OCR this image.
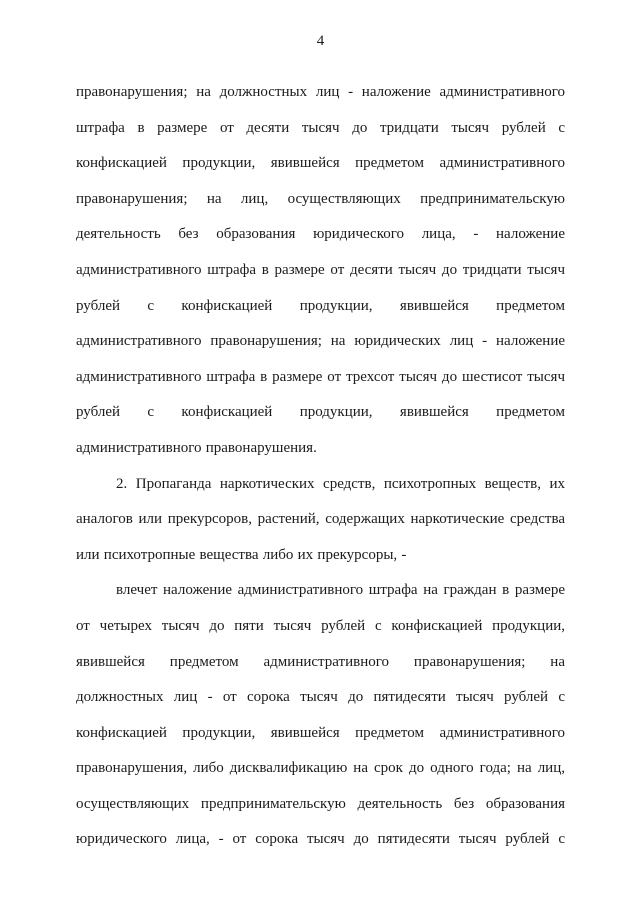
4
правонарушения; на должностных лиц - наложение административного
штрафа в размере от десяти тысяч до тридцати тысяч рублей с
конфискацией продукции, явившейся предметом административного
правонарушения; на лиц, осуществляющих предпринимательскую
деятельность без образования юридического лица, - наложение
административного штрафа в размере от десяти тысяч до тридцати тысяч
рублей с конфискацией продукции, явившейся предметом
административного правонарушения; на юридических лиц - наложение
административного штрафа в размере от трехсот тысяч до шестисот тысяч
рублей с конфискацией продукции, явившейся предметом
административного правонарушения.
2. Пропаганда наркотических средств, психотропных веществ, их
аналогов или прекурсоров, растений, содержащих наркотические средства
или психотропные вещества либо их прекурсоры, -
влечет наложение административного штрафа на граждан в размере
от четырех тысяч до пяти тысяч рублей с конфискацией продукции,
явившейся предметом административного правонарушения; на
должностных лиц - от сорока тысяч до пятидесяти тысяч рублей с
конфискацией продукции, явившейся предметом административного
правонарушения, либо дисквалификацию на срок до одного года; на лиц,
осуществляющих предпринимательскую деятельность без образования
юридического лица, - от сорока тысяч до пятидесяти тысяч рублей с
